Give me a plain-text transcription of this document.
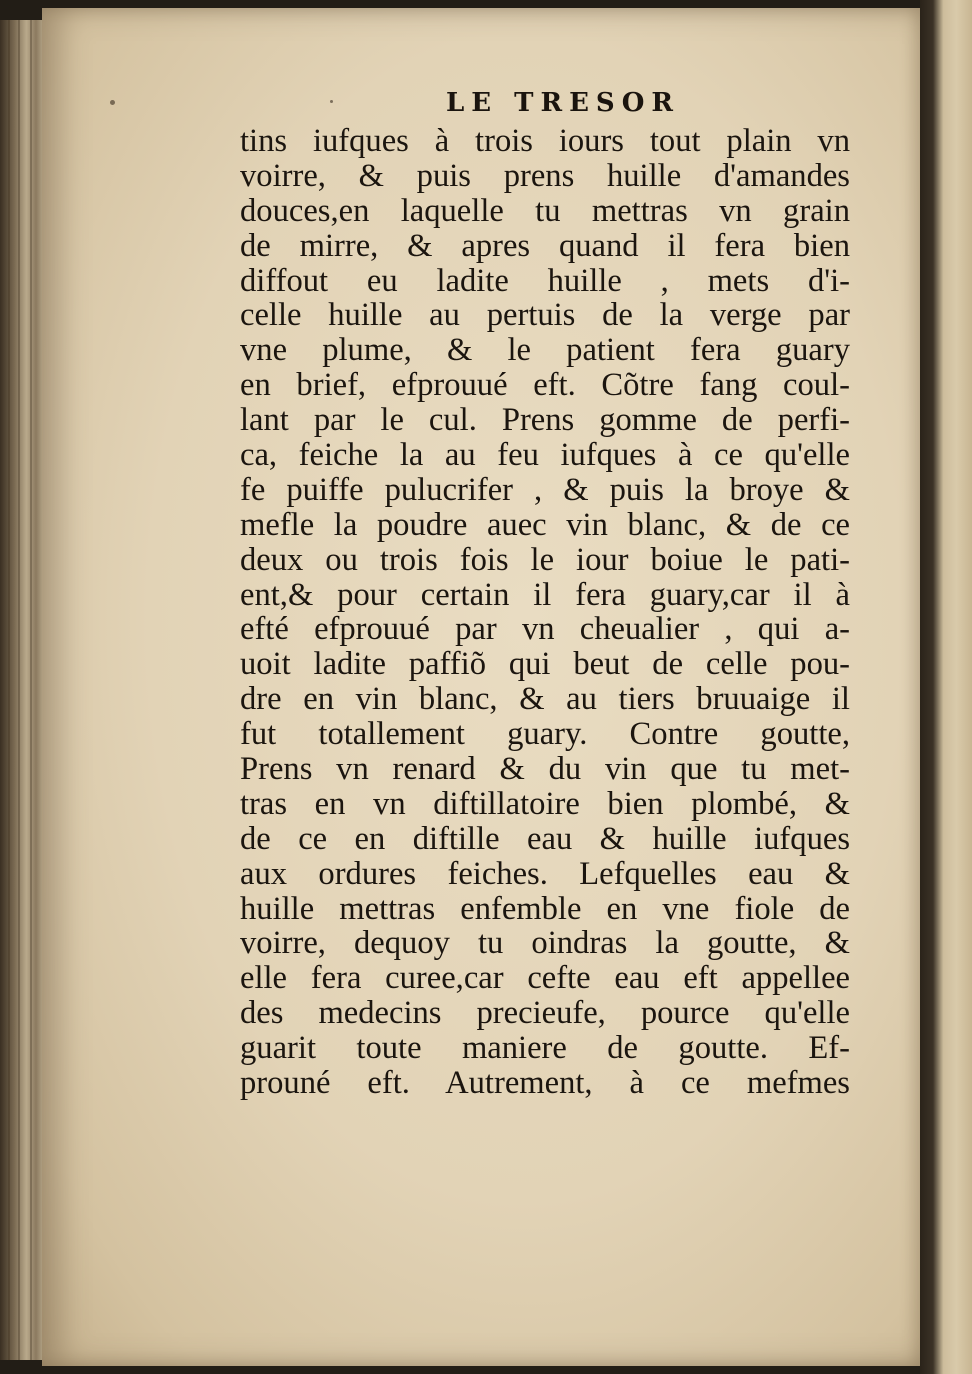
LE TRESOR
tins iufques à trois iours tout plain vn
voirre, & puis prens huille d'amandes
douces,en laquelle tu mettras vn grain
de mirre, & apres quand il fera bien
diffout eu ladite huille , mets d'i-
celle huille au pertuis de la verge par
vne plume, & le patient fera guary
en brief, efprouué eft. Cõtre fang coul-
lant par le cul. Prens gomme de perfi-
ca, feiche la au feu iufques à ce qu'elle
fe puiffe pulucrifer , & puis la broye &
mefle la poudre auec vin blanc, & de ce
deux ou trois fois le iour boiue le pati-
ent,& pour certain il fera guary,car il à
efté efprouué par vn cheualier , qui a-
uoit ladite paffiõ qui beut de celle pou-
dre en vin blanc, & au tiers bruuaige il
fut totallement guary. Contre goutte,
Prens vn renard & du vin que tu met-
tras en vn diftillatoire bien plombé, &
de ce en diftille eau & huille iufques
aux ordures feiches. Lefquelles eau &
huille mettras enfemble en vne fiole de
voirre, dequoy tu oindras la goutte, &
elle fera curee,car cefte eau eft appellee
des medecins precieufe, pource qu'elle
guarit toute maniere de goutte. Ef-
prouné eft. Autrement, à ce mefmes
